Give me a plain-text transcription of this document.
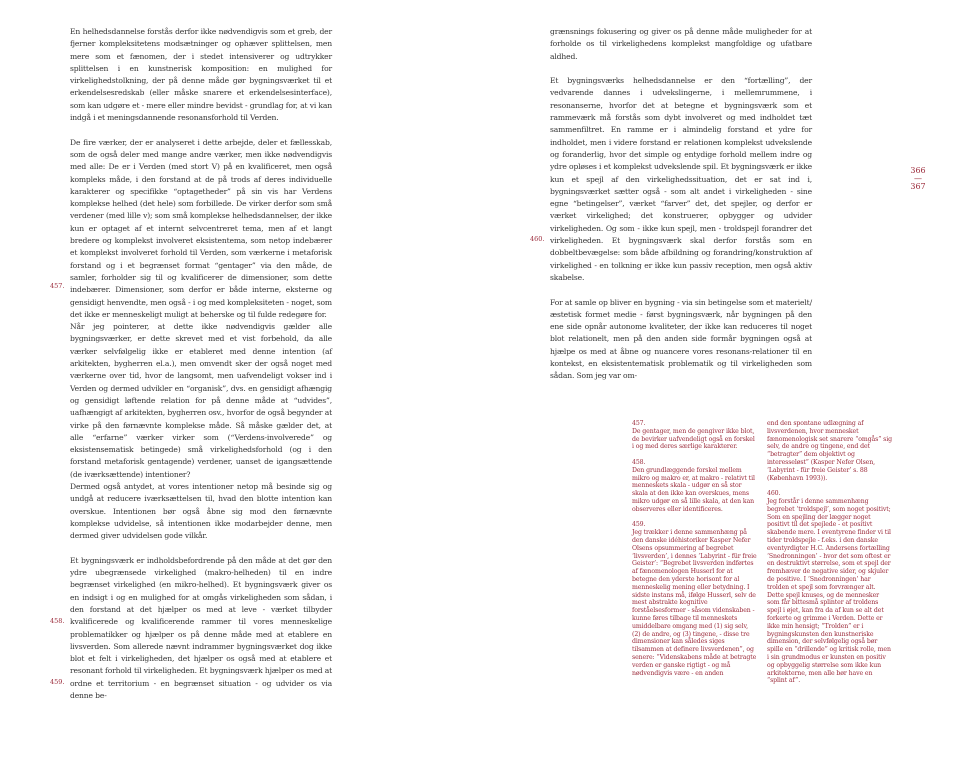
En helhedsdannelse forstås derfor ikke nødvendigvis som et greb, der fjerner kompleksitetens modsætninger og ophæver splittelsen, men mere som et fænomen, der i stedet intensiverer og udtrykker splittelsen i en kunstnerisk komposition: en mulighed for virkelighedstolkning, der på denne måde gør bygningsværket til et erkendelsesredskab (eller måske snarere et erkendelsesinterface), som kan udgøre et - mere eller mindre bevidst - grundlag for, at vi kan indgå i et meningsdannende resonansforhold til Verden.

De fire værker, der er analyseret i dette arbejde, deler et fællesskab, som de også deler med mange andre værker, men ikke nødvendigvis med alle: De er i Verden (med stort V) på en kvalificeret, men også kompleks måde, i den forstand at de på trods af deres individuelle karakterer og specifikke “optagetheder” på sin vis har Verdens komplekse helhed (det hele) som forbillede. De virker derfor som små verdener (med lille v); som små komplekse helhedsdannelser, der ikke kun er optaget af et internt selvcentreret tema, men af et langt bredere og komplekst involveret eksistentema, som netop indebærer et komplekst involveret forhold til Verden, som værkerne i metaforisk forstand og i et begrænset format “gentager” via den måde, de samler, forholder sig til og kvalificerer de dimensioner, som dette indebærer. Dimensioner, som derfor er både interne, eksterne og gensidigt henvendte, men også - i og med kompleksiteten - noget, som det ikke er menneskeligt muligt at beherske og til fulde redegøre for.

Når jeg pointerer, at dette ikke nødvendigvis gælder alle bygningsværker, er dette skrevet med et vist forbehold, da alle værker selvfølgelig ikke er etableret med denne intention (af arkitekten, bygherren el.a.), men omvendt sker der også noget med værkerne over tid, hvor de langsomt, men uafvendeligt vokser ind i Verden og dermed udvikler en “organisk”, dvs. en gensidigt afhængig og gensidigt løftende relation for på denne måde at “udvides”, uafhængigt af arkitekten, bygherren osv., hvorfor de også begynder at virke på den førnævnte komplekse måde. Så måske gælder det, at alle “erfarne” værker virker som (“Verdens-involverede” og eksistensematisk betingede) små virkelighedsforhold (og i den forstand metaforisk gentagende) verdener, uanset de igangsættende (de iværksættende) intentioner?

Dermed også antydet, at vores intentioner netop må besinde sig og undgå at reducere iværksættelsen til, hvad den blotte intention kan overskue. Intentionen bør også åbne sig mod den førnævnte komplekse udvidelse, så intentionen ikke modarbejder denne, men dermed giver udvidelsen gode vilkår.

Et bygningsværk er indholdsbefordrende på den måde at det gør den ydre ubegrænsede virkelighed (makro-helheden) til en indre begrænset virkelighed (en mikro-helhed). Et bygningsværk giver os en indsigt i og en mulighed for at omgås virkeligheden som sådan, i den forstand at det hjælper os med at leve - værket tilbyder kvalificerede og kvalificerende rammer til vores menneskelige problematikker og hjælper os på denne måde med at etablere en livsverden. Som allerede nævnt indrammer bygningsværket dog ikke blot et felt i virkeligheden, det hjælper os også med at etablere et resonant forhold til virkeligheden. Et bygningsværk hjælper os med at ordne et territorium - en begrænset situation - og udvider os via denne be-

457.
458.
459.

grænsnings fokusering og giver os på denne måde muligheder for at forholde os til virkelighedens komplekst mangfoldige og ufatbare aldhed.

Et bygningsværks helhedsdannelse er den “fortælling”, der vedvarende dannes i udvekslingerne, i mellemrummene, i resonanserne, hvorfor det at betegne et bygningsværk som et rammeværk må forstås som dybt involveret og med indholdet tæt sammenfiltret. En ramme er i almindelig forstand et ydre for indholdet, men i videre forstand er relationen komplekst udvekslende og foranderlig, hvor det simple og entydige forhold mellem indre og ydre opløses i et komplekst udvekslende spil. Et bygningsværk er ikke kun et spejl af den virkelighedssituation, det er sat ind i, bygningsværket sætter også - som alt andet i virkeligheden - sine egne “betingelser”, værket “farver” det, det spejler, og derfor er værket virkelighed; det konstruerer, opbygger og udvider virkeligheden. Og som - ikke kun spejl, men - troldspejl forandrer det virkeligheden. Et bygningsværk skal derfor forstås som en dobbeltbevægelse: som både afbildning og forandring/konstruktion af virkelighed - en tolkning er ikke kun passiv reception, men også aktiv skabelse.

For at samle op bliver en bygning - via sin betingelse som et materielt/æstetisk formet medie - først bygningsværk, når bygningen på den ene side opnår autonome kvaliteter, der ikke kan reduceres til noget blot relationelt, men på den anden side formår bygningen også at hjælpe os med at åbne og nuancere vores resonans-relationer til en kontekst, en eksistentematisk problematik og til virkeligheden som sådan. Som jeg var om-

460.
366
—
367
457.
De gentager, men de gengiver ikke blot, de bevirker uafvendeligt også en forskel i og med deres særlige karakterer.
458.
Den grundlæggende forskel mellem mikro og makro er, at makro - relativt til menneskets skala - udgør en så stor skala at den ikke kan overskues, mens mikro udgør en så lille skala, at den kan observeres eller identificeres.
459.
Jeg trækker i denne sammenhæng på den danske idéhistoriker Kasper Nefer Olsens opsummering af begrebet ‘livsverden’, i dennes ‘Labyrint - für freie Geister’: “Begrebet livsverden indførtes af fænomenologen Husserl for at betegne den yderste horisont for al menneskelig mening eller betydning. I sidste instans må, ifølge Husserl, selv de mest abstrakte kognitive forståelsesformer - såsom videnskaben - kunne føres tilbage til menneskets umiddelbare omgang med (1) sig selv, (2) de andre, og (3) tingene, - disse tre dimensioner kan således siges tilsammen at definere livsverdenen”, og senere: “Videnskabens måde at betragte verden er ganske rigtigt - og må nødvendigvis være - en anden
end den spontane udlægning af livsverdenen, hvor mennesket fænomenologisk set snarere “omgås” sig selv, de andre og tingene, end det “betragter” dem objektivt og interesseløst” (Kasper Nefer Olsen, ‘Labyrint - für freie Geister’ s. 88 (København 1993)).
460.
Jeg forstår i denne sammenhæng begrebet ‘troldspejl’, som noget positivt; Som en spejling der lægger noget positivt til det spejlede - et positivt skabende mere. I eventyrene finder vi til tider troldspejle - f.eks. i den danske eventyrdigter H.C. Andersens fortælling ‘Snedronningen’ - hvor det som oftest er en destruktivt størrelse, som et spejl der fremhæver de negative sider, og skjuler de positive. I ‘Snedronningen’ har trolden et spejl som forvrænger alt. Dette spejl knuses, og de mennesker som får bittesmå splinter af troldens spejl i øjet, kan fra da af kun se alt det forkerte og grimme i Verden. Dette er ikke min hensigt; “Trolden” er i bygningskunsten den kunstneriske dimension, der selvfølgelig også bør spille en “drillende” og kritisk rolle, men i sin grundmodus er kunsten en positiv og opbyggelig størrelse som ikke kun arkitekterne, men alle bør have en “splint af”.
